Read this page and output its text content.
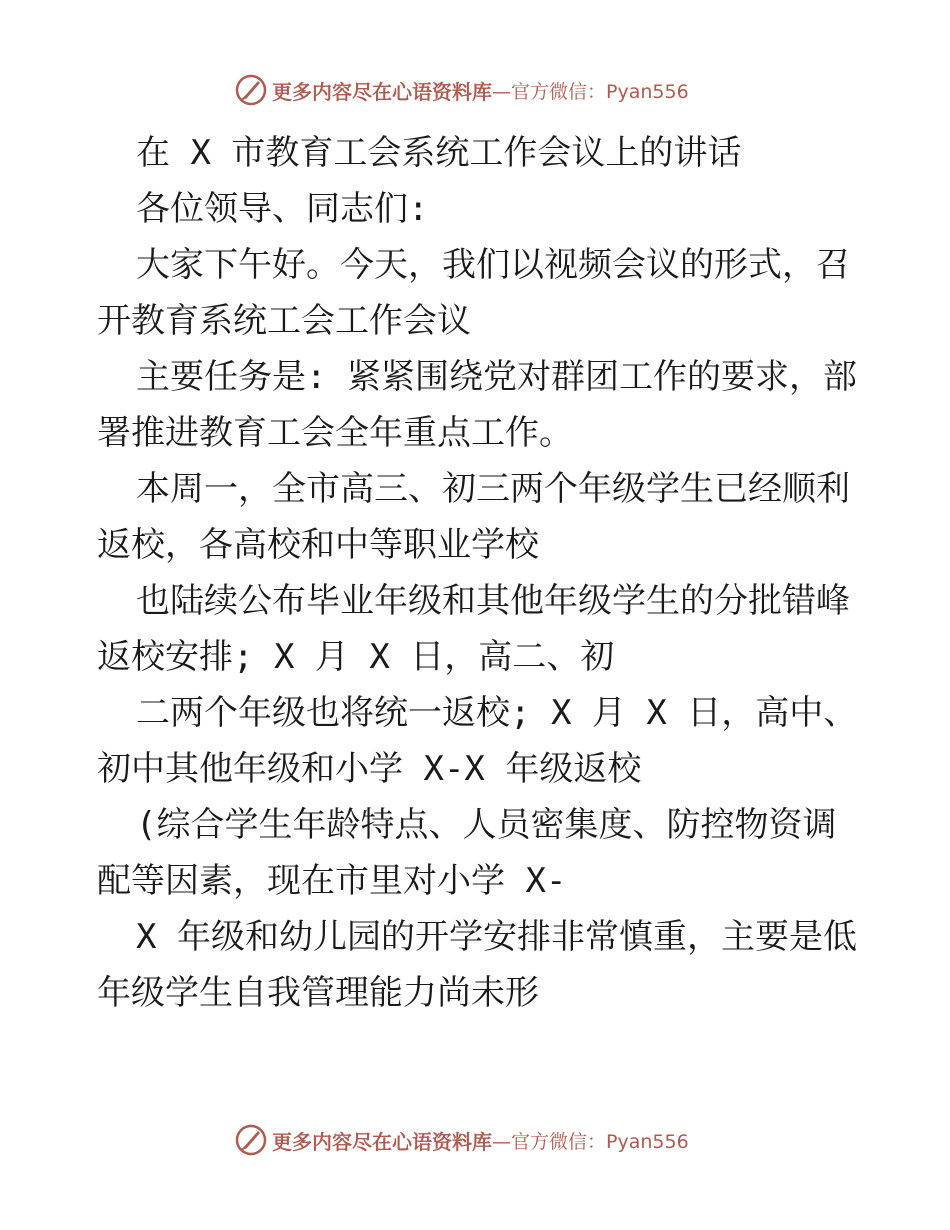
更多内容尽在心语资料库 —官方微信：Pyan556
在 X 市教育工会系统工作会议上的讲话
各位领导、同志们:
大家下午好。今天，我们以视频会议的形式，召
开教育系统工会工作会议
主要任务是: 紧紧围绕党对群团工作的要求，部
署推进教育工会全年重点工作。
本周一，全市高三、初三两个年级学生已经顺利
返校，各高校和中等职业学校
也陆续公布毕业年级和其他年级学生的分批错峰
返校安排; X 月 X 日，高二、初
二两个年级也将统一返校; X 月 X 日，高中、
初中其他年级和小学 X-X 年级返校
(综合学生年龄特点、人员密集度、防控物资调
配等因素，现在市里对小学 X-
X 年级和幼儿园的开学安排非常慎重，主要是低
年级学生自我管理能力尚未形
更多内容尽在心语资料库 —官方微信：Pyan556
